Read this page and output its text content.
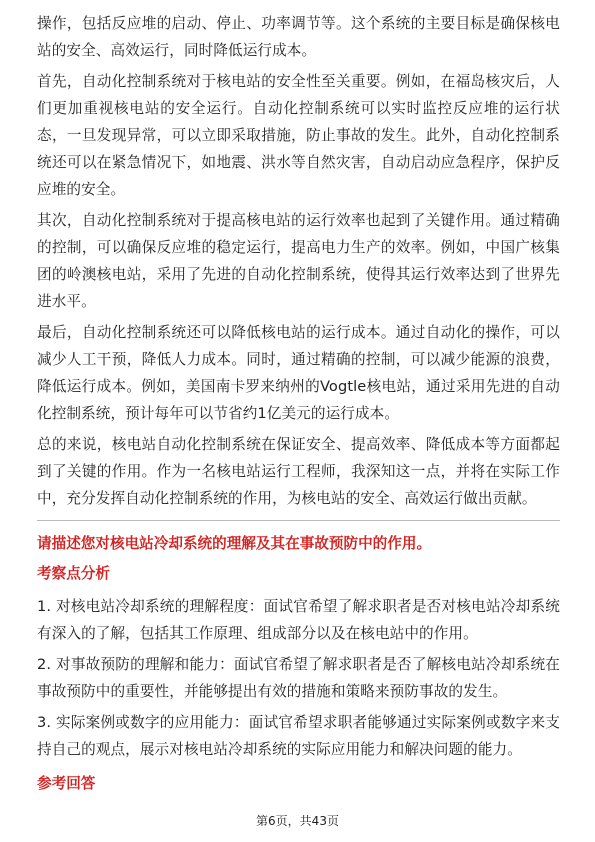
操作，包括反应堆的启动、停止、功率调节等。这个系统的主要目标是确保核电站的安全、高效运行，同时降低运行成本。

首先，自动化控制系统对于核电站的安全性至关重要。例如，在福岛核灾后，人们更加重视核电站的安全运行。自动化控制系统可以实时监控反应堆的运行状态，一旦发现异常，可以立即采取措施，防止事故的发生。此外，自动化控制系统还可以在紧急情况下，如地震、洪水等自然灾害，自动启动应急程序，保护反应堆的安全。

其次，自动化控制系统对于提高核电站的运行效率也起到了关键作用。通过精确的控制，可以确保反应堆的稳定运行，提高电力生产的效率。例如，中国广核集团的岭澳核电站，采用了先进的自动化控制系统，使得其运行效率达到了世界先进水平。

最后，自动化控制系统还可以降低核电站的运行成本。通过自动化的操作，可以减少人工干预，降低人力成本。同时，通过精确的控制，可以减少能源的浪费，降低运行成本。例如，美国南卡罗来纳州的Vogtle核电站，通过采用先进的自动化控制系统，预计每年可以节省约1亿美元的运行成本。

总的来说，核电站自动化控制系统在保证安全、提高效率、降低成本等方面都起到了关键的作用。作为一名核电站运行工程师，我深知这一点，并将在实际工作中，充分发挥自动化控制系统的作用，为核电站的安全、高效运行做出贡献。

请描述您对核电站冷却系统的理解及其在事故预防中的作用。

考察点分析

1. 对核电站冷却系统的理解程度：面试官希望了解求职者是否对核电站冷却系统有深入的了解，包括其工作原理、组成部分以及在核电站中的作用。

2. 对事故预防的理解和能力：面试官希望了解求职者是否了解核电站冷却系统在事故预防中的重要性，并能够提出有效的措施和策略来预防事故的发生。

3. 实际案例或数字的应用能力：面试官希望求职者能够通过实际案例或数字来支持自己的观点，展示对核电站冷却系统的实际应用能力和解决问题的能力。

参考回答

第6页，共43页
